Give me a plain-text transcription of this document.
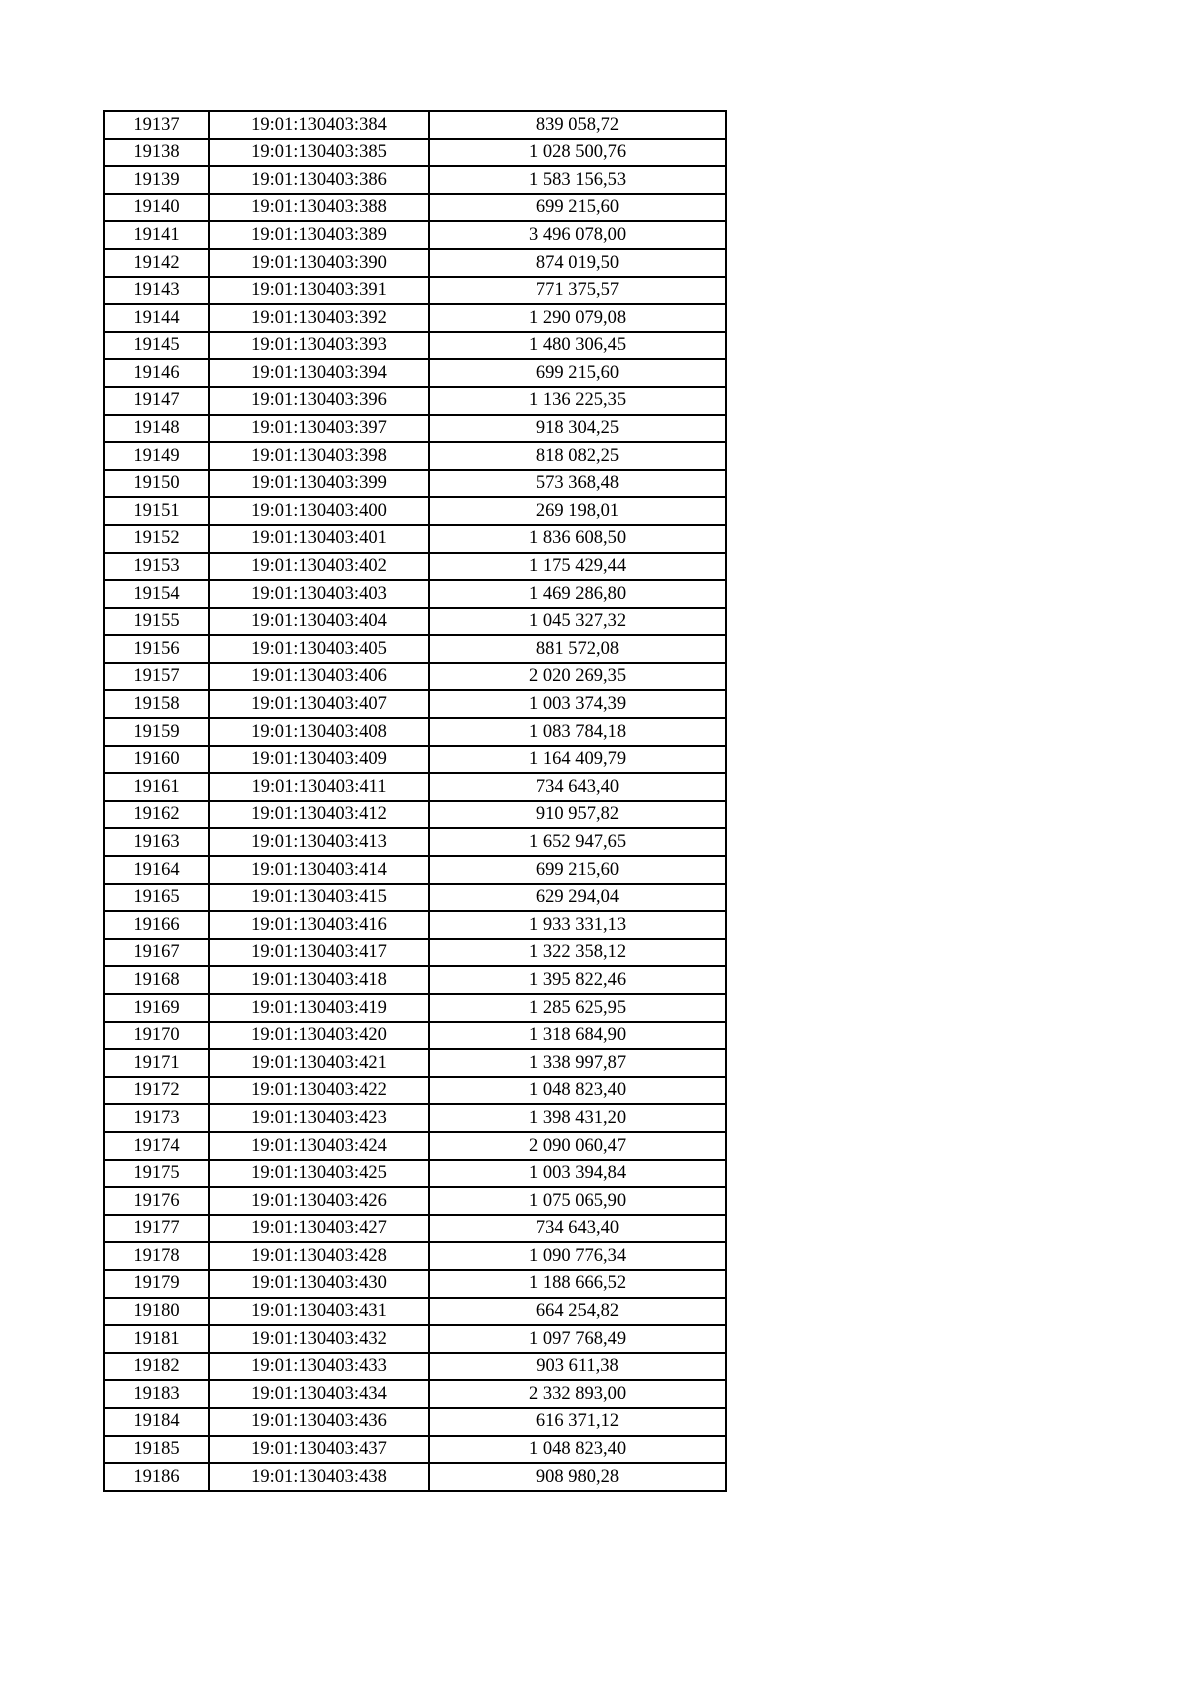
19137	19:01:130403:384	839 058,72
19138	19:01:130403:385	1 028 500,76
19139	19:01:130403:386	1 583 156,53
19140	19:01:130403:388	699 215,60
19141	19:01:130403:389	3 496 078,00
19142	19:01:130403:390	874 019,50
19143	19:01:130403:391	771 375,57
19144	19:01:130403:392	1 290 079,08
19145	19:01:130403:393	1 480 306,45
19146	19:01:130403:394	699 215,60
19147	19:01:130403:396	1 136 225,35
19148	19:01:130403:397	918 304,25
19149	19:01:130403:398	818 082,25
19150	19:01:130403:399	573 368,48
19151	19:01:130403:400	269 198,01
19152	19:01:130403:401	1 836 608,50
19153	19:01:130403:402	1 175 429,44
19154	19:01:130403:403	1 469 286,80
19155	19:01:130403:404	1 045 327,32
19156	19:01:130403:405	881 572,08
19157	19:01:130403:406	2 020 269,35
19158	19:01:130403:407	1 003 374,39
19159	19:01:130403:408	1 083 784,18
19160	19:01:130403:409	1 164 409,79
19161	19:01:130403:411	734 643,40
19162	19:01:130403:412	910 957,82
19163	19:01:130403:413	1 652 947,65
19164	19:01:130403:414	699 215,60
19165	19:01:130403:415	629 294,04
19166	19:01:130403:416	1 933 331,13
19167	19:01:130403:417	1 322 358,12
19168	19:01:130403:418	1 395 822,46
19169	19:01:130403:419	1 285 625,95
19170	19:01:130403:420	1 318 684,90
19171	19:01:130403:421	1 338 997,87
19172	19:01:130403:422	1 048 823,40
19173	19:01:130403:423	1 398 431,20
19174	19:01:130403:424	2 090 060,47
19175	19:01:130403:425	1 003 394,84
19176	19:01:130403:426	1 075 065,90
19177	19:01:130403:427	734 643,40
19178	19:01:130403:428	1 090 776,34
19179	19:01:130403:430	1 188 666,52
19180	19:01:130403:431	664 254,82
19181	19:01:130403:432	1 097 768,49
19182	19:01:130403:433	903 611,38
19183	19:01:130403:434	2 332 893,00
19184	19:01:130403:436	616 371,12
19185	19:01:130403:437	1 048 823,40
19186	19:01:130403:438	908 980,28
